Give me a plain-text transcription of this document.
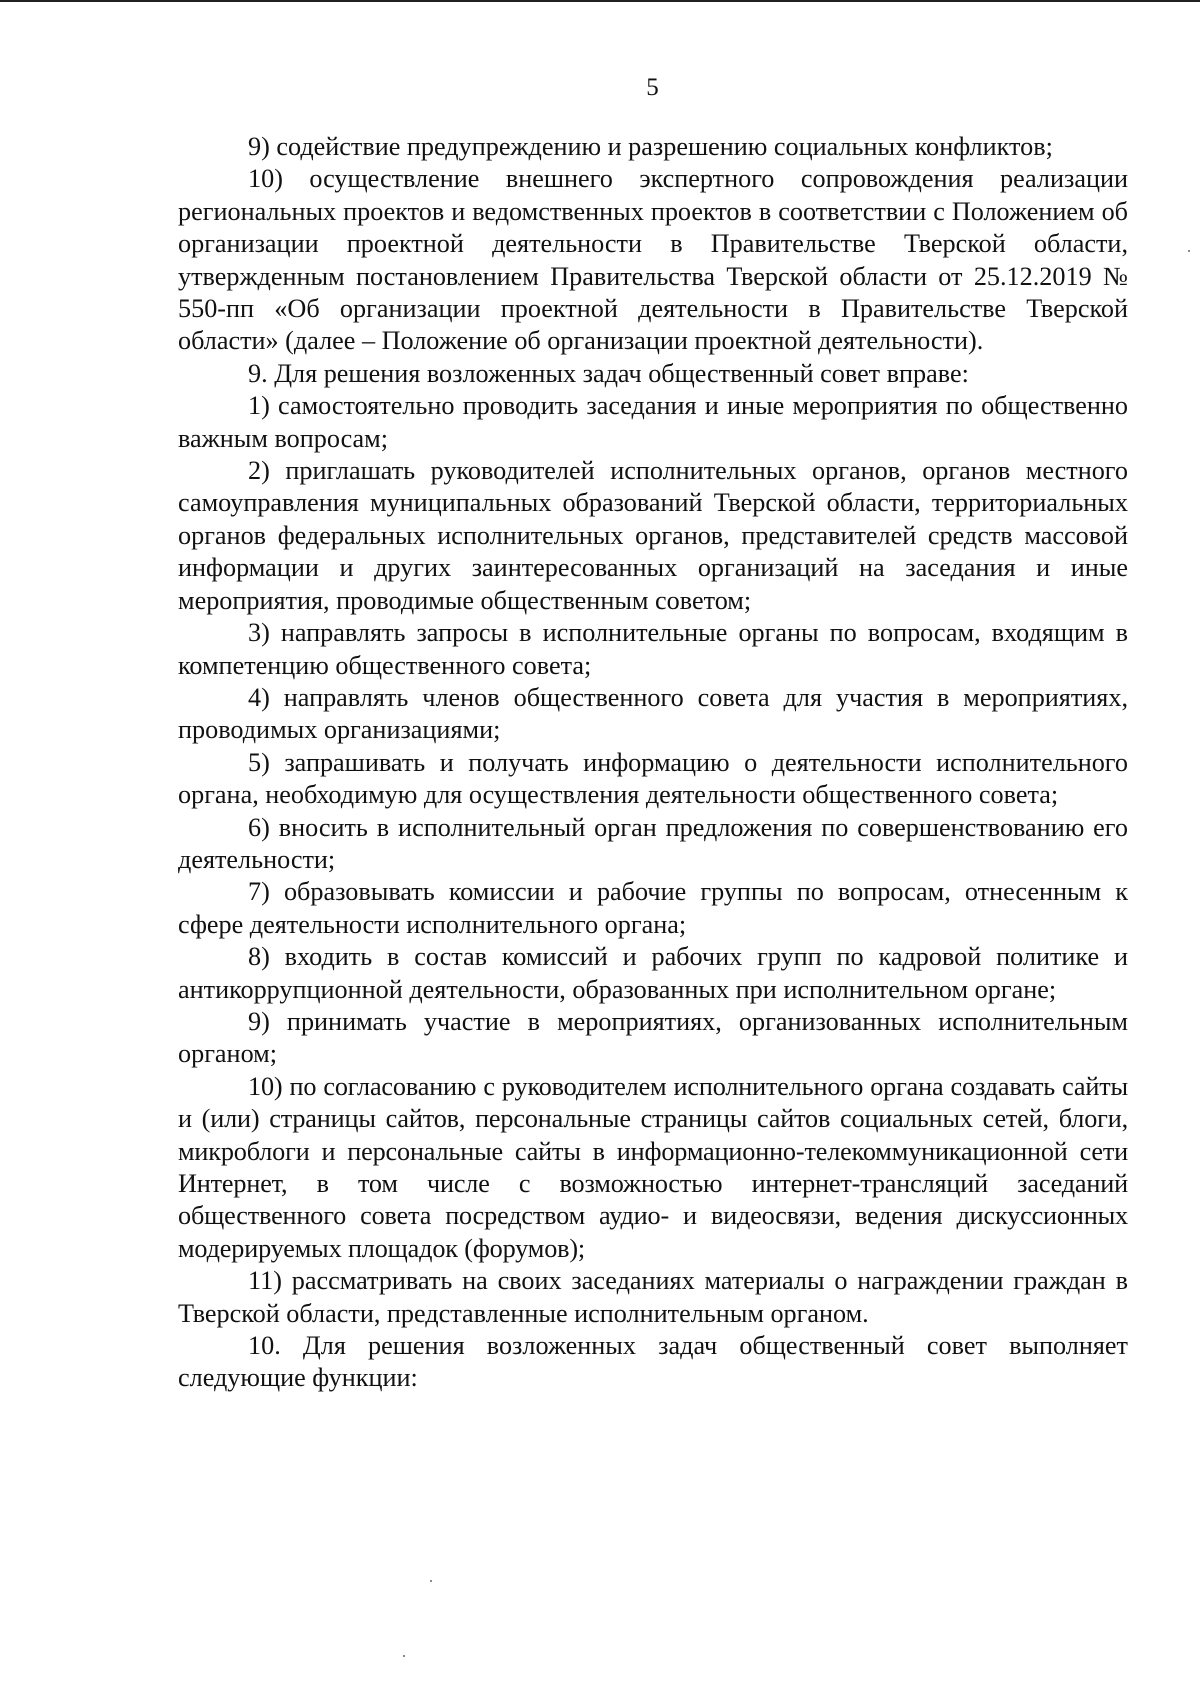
5

9) содействие предупреждению и разрешению социальных конфликтов;

10) осуществление внешнего экспертного сопровождения реализации региональных проектов и ведомственных проектов в соответствии с Положением об организации проектной деятельности в Правительстве Тверской области, утвержденным постановлением Правительства Тверской области от 25.12.2019 № 550-пп «Об организации проектной деятельности в Правительстве Тверской области» (далее – Положение об организации проектной деятельности).

9. Для решения возложенных задач общественный совет вправе:

1) самостоятельно проводить заседания и иные мероприятия по общественно важным вопросам;

2) приглашать руководителей исполнительных органов, органов местного самоуправления муниципальных образований Тверской области, территориальных органов федеральных исполнительных органов, представителей средств массовой информации и других заинтересованных организаций на заседания и иные мероприятия, проводимые общественным советом;

3) направлять запросы в исполнительные органы по вопросам, входящим в компетенцию общественного совета;

4) направлять членов общественного совета для участия в мероприятиях, проводимых организациями;

5) запрашивать и получать информацию о деятельности исполнительного органа, необходимую для осуществления деятельности общественного совета;

6) вносить в исполнительный орган предложения по совершенствованию его деятельности;

7) образовывать комиссии и рабочие группы по вопросам, отнесенным к сфере деятельности исполнительного органа;

8) входить в состав комиссий и рабочих групп по кадровой политике и антикоррупционной деятельности, образованных при исполнительном органе;

9) принимать участие в мероприятиях, организованных исполнительным органом;

10) по согласованию с руководителем исполнительного органа создавать сайты и (или) страницы сайтов, персональные страницы сайтов социальных сетей, блоги, микроблоги и персональные сайты в информационно-телекоммуникационной сети Интернет, в том числе с возможностью интернет-трансляций заседаний общественного совета посредством аудио- и видеосвязи, ведения дискуссионных модерируемых площадок (форумов);

11) рассматривать на своих заседаниях материалы о награждении граждан в Тверской области, представленные исполнительным органом.

10. Для решения возложенных задач общественный совет выполняет следующие функции:
